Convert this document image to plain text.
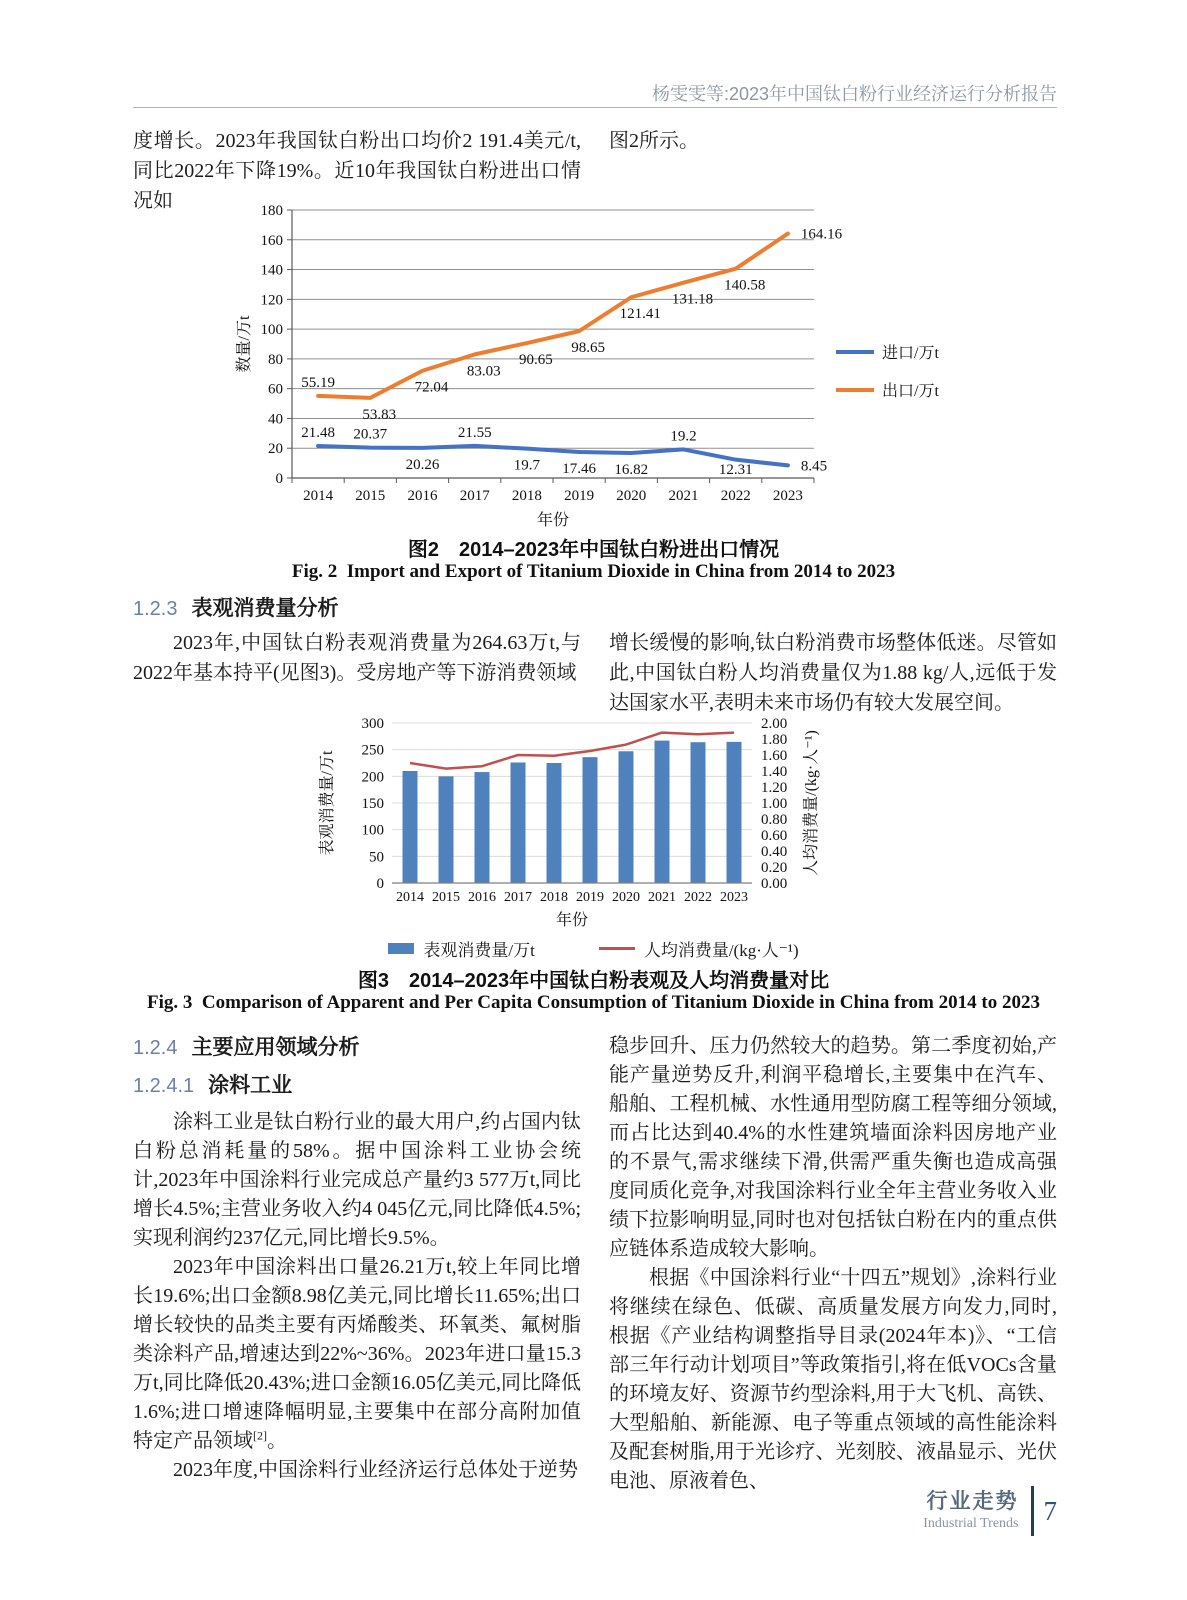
杨雯雯等:2023年中国钛白粉行业经济运行分析报告

度增长。2023年我国钛白粉出口均价2 191.4美元/t,同比2022年下降19%。近10年我国钛白粉进出口情况如

图2所示。

0
20
40
60
80
100
120
140
160
180
2014 2015 2016 2017 2018 2019 2020 2021 2022 2023
年份
数量/万t
21.48 20.37
20.26
21.55
19.7 17.46 16.82
19.2
12.31	8.45
55.19
53.83
72.04
83.03
90.65
98.65
121.41
131.18
140.58
164.16
进口/万t
出口/万t
图2　2014–2023年中国钛白粉进出口情况
Fig. 2  Import and Export of Titanium Dioxide in China from 2014 to 2023
1.2.3 表观消费量分析

2023年,中国钛白粉表观消费量为264.63万t,与2022年基本持平(见图3)。受房地产等下游消费领域

增长缓慢的影响,钛白粉消费市场整体低迷。尽管如此,中国钛白粉人均消费量仅为1.88 kg/人,远低于发达国家水平,表明未来市场仍有较大发展空间。

0
50
100
150
200
250
300
0.00
0.20
0.40
0.60
0.80
1.00
1.20
1.40
1.60
1.80
2.00
2014 2015 2016 2017 2018 2019 2020 2021 2022 2023
年份
表观消费量/万t	人均消费量/(kg·人⁻¹)
表观消费量/万t	人均消费量/(kg·人⁻¹)
图3　2014–2023年中国钛白粉表观及人均消费量对比
Fig. 3  Comparison of Apparent and Per Capita Consumption of Titanium Dioxide in China from 2014 to 2023
1.2.4 主要应用领域分析
1.2.4.1 涂料工业

涂料工业是钛白粉行业的最大用户,约占国内钛白粉总消耗量的58%。据中国涂料工业协会统计,2023年中国涂料行业完成总产量约3 577万t,同比增长4.5%;主营业务收入约4 045亿元,同比降低4.5%;实现利润约237亿元,同比增长9.5%。

2023年中国涂料出口量26.21万t,较上年同比增长19.6%;出口金额8.98亿美元,同比增长11.65%;出口增长较快的品类主要有丙烯酸类、环氧类、氟树脂类涂料产品,增速达到22%~36%。2023年进口量15.3万t,同比降低20.43%;进口金额16.05亿美元,同比降低1.6%;进口增速降幅明显,主要集中在部分高附加值特定产品领域[2]。

2023年度,中国涂料行业经济运行总体处于逆势

稳步回升、压力仍然较大的趋势。第二季度初始,产能产量逆势反升,利润平稳增长,主要集中在汽车、船舶、工程机械、水性通用型防腐工程等细分领域,而占比达到40.4%的水性建筑墙面涂料因房地产业的不景气,需求继续下滑,供需严重失衡也造成高强度同质化竞争,对我国涂料行业全年主营业务收入业绩下拉影响明显,同时也对包括钛白粉在内的重点供应链体系造成较大影响。

根据《中国涂料行业“十四五”规划》,涂料行业将继续在绿色、低碳、高质量发展方向发力,同时,根据《产业结构调整指导目录(2024年本)》、“工信部三年行动计划项目”等政策指引,将在低VOCs含量的环境友好、资源节约型涂料,用于大飞机、高铁、大型船舶、新能源、电子等重点领域的高性能涂料及配套树脂,用于光诊疗、光刻胶、液晶显示、光伏电池、原液着色、

行业走势
Industrial Trends 7
